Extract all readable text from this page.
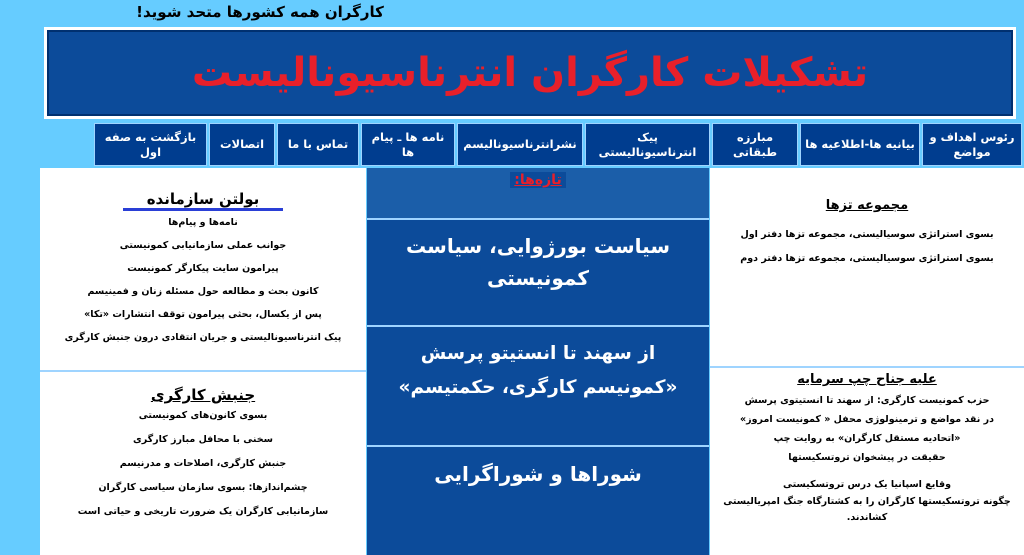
کارگران همه کشورها متحد شوید!
تشکیلات کارگران انترناسیونالیست
رئوس اهداف و مواضع
بیانیه ها-اطلاعیه ها
مبارزه طبقاتی
پیک انترناسیونالیستی
نشرانترناسیونالیسم
نامه ها ـ پیام ها
تماس با ما
اتصالات
بازگشت به صفه اول
مجموعه تزها
بسوی استراتژی سوسیالیستی، مجموعه تزها دفتر اول
بسوی استراتژی سوسیالیستی، مجموعه تزها دفتر دوم
علیه جناح چپ سرمایه
حزب کمونیست کارگری: از سهند تا انستیتوی پرسش
در نقد مواضع و ترمینولوژی محفل « کمونیست امروز»
«اتحادیه مستقل کارگران» به روایت چپ
حقیقت در پیشخوان تروتسکیستها
وقایع اسپانیا یک درس تروتسکیستی
چگونه تروتسکیستها کارگران را به کشتارگاه جنگ امپریالیستی کشاندند.
تازه‌ها:
سیاست بورژوایی، سیاست کمونیستی
از سهند تا انستیتو پرسش «کمونیسم کارگری، حکمتیسم»
شوراها و شوراگرایی
بولتن سازمانده
نامه‌ها و پیام‌ها
جوانب عملی سازمانیابی کمونیستی
پیرامون سایت پیکارگر کمونیست
کانون بحث و مطالعه حول مسئله زنان و فمینیسم
پس از یکسال، بحثی پیرامون توقف انتشارات «تکا»
پیک انترناسیونالیستی و جریان انتقادی درون جنبش کارگری
جنبش کارگری
بسوی کانون‌های کمونیستی
سخنی با محافل مبارز کارگری
جنبش کارگری، اصلاحات و مدرنیسم
چشم‌اندازها: بسوی سازمان سیاسی کارگران
سازمانیابی کارگران یک ضرورت تاریخی و حیاتی است
